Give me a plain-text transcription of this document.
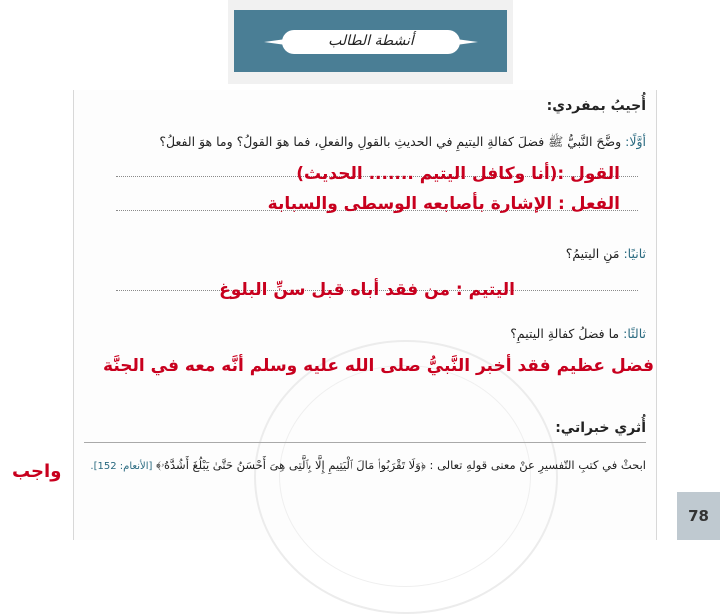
أنشطة الطالب
أُجيبُ بمفردي:
أوَّلًا: وضَّحَ النَّبيُّ ﷺ فضلَ كفالةِ اليتيمِ في الحديثِ بالقولِ والفعلِ، فما هوَ القولُ؟ وما هوَ الفعلُ؟
ثانيًا: مَنِ اليتيمُ؟
ثالثًا: ما فضلُ كفالةِ اليتيمِ؟
أُثري خبراتي:
ابحثْ في كتبِ التّفسيرِ عنْ معنى قولهِ تعالى : ﴿وَلَا تَقْرَبُوا۟ مَالَ ٱلْيَتِيمِ إِلَّا بِٱلَّتِى هِىَ أَحْسَنُ حَتَّىٰ يَبْلُغَ أَشُدَّهُۥ﴾ [الأنعام: 152].
القول :(أنا وكافل اليتيم ....... الحديث)
الفعل : الإشارة بأصابعه الوسطى والسبابة
اليتيم : من فقد أباه قبل سنِّ البلوغ
فضل عظيم فقد أخبر النَّبيُّ صلى الله عليه وسلم أنَّه معه في الجنَّة
واجب
78
